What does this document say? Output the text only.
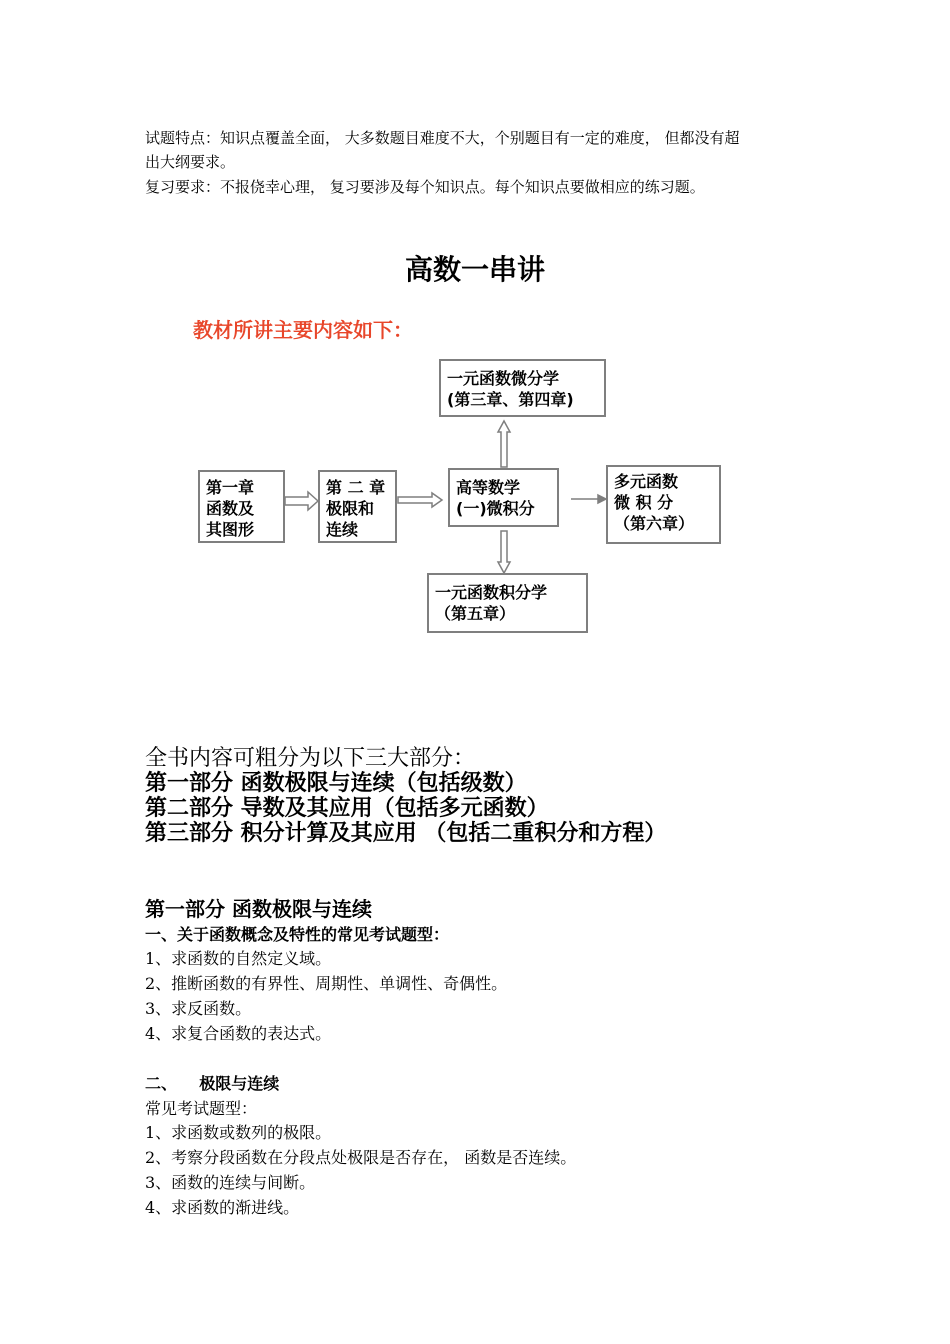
试题特点：知识点覆盖全面， 大多数题目难度不大，个别题目有一定的难度， 但都没有超
出大纲要求。
复习要求：不报侥幸心理， 复习要涉及每个知识点。每个知识点要做相应的练习题。
高数一串讲
教材所讲主要内容如下：
一元函数微分学
(第三章、第四章)
第一章
函数及
其图形
第 二 章
极限和
连续
高等数学
(一)微积分
多元函数
微 积 分
（第六章）
一元函数积分学
（第五章）
全书内容可粗分为以下三大部分：
第一部分 函数极限与连续（包括级数）
第二部分 导数及其应用（包括多元函数）
第三部分 积分计算及其应用 （包括二重积分和方程）
第一部分 函数极限与连续
一、关于函数概念及特性的常见考试题型：
1、求函数的自然定义域。
2、推断函数的有界性、周期性、单调性、奇偶性。
3、求反函数。
4、求复合函数的表达式。
二、    极限与连续
常见考试题型：
1、求函数或数列的极限。
2、考察分段函数在分段点处极限是否存在， 函数是否连续。
3、函数的连续与间断。
4、求函数的渐进线。
